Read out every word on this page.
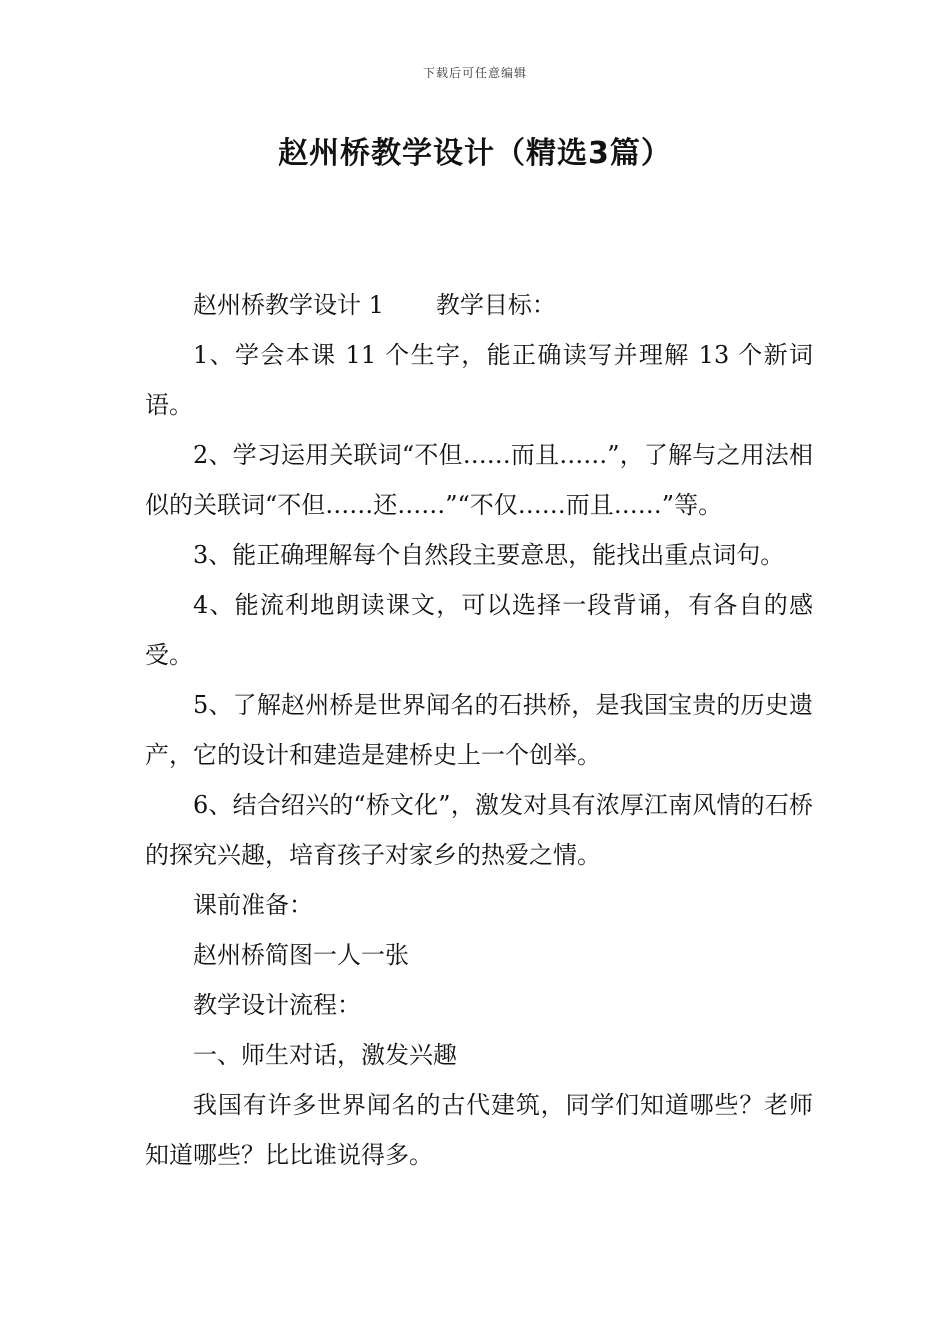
下载后可任意编辑
赵州桥教学设计（精选3篇）

赵州桥教学设计 1 教学目标：

1、学会本课 11 个生字，能正确读写并理解 13 个新词语。

2、学习运用关联词“不但……而且……”，了解与之用法相似的关联词“不但……还……”“不仅……而且……”等。

3、能正确理解每个自然段主要意思，能找出重点词句。

4、能流利地朗读课文，可以选择一段背诵，有各自的感受。

5、了解赵州桥是世界闻名的石拱桥，是我国宝贵的历史遗产，它的设计和建造是建桥史上一个创举。

6、结合绍兴的“桥文化”，激发对具有浓厚江南风情的石桥的探究兴趣，培育孩子对家乡的热爱之情。

课前准备：

赵州桥简图一人一张

教学设计流程：

一、师生对话，激发兴趣

我国有许多世界闻名的古代建筑，同学们知道哪些？老师知道哪些？比比谁说得多。
